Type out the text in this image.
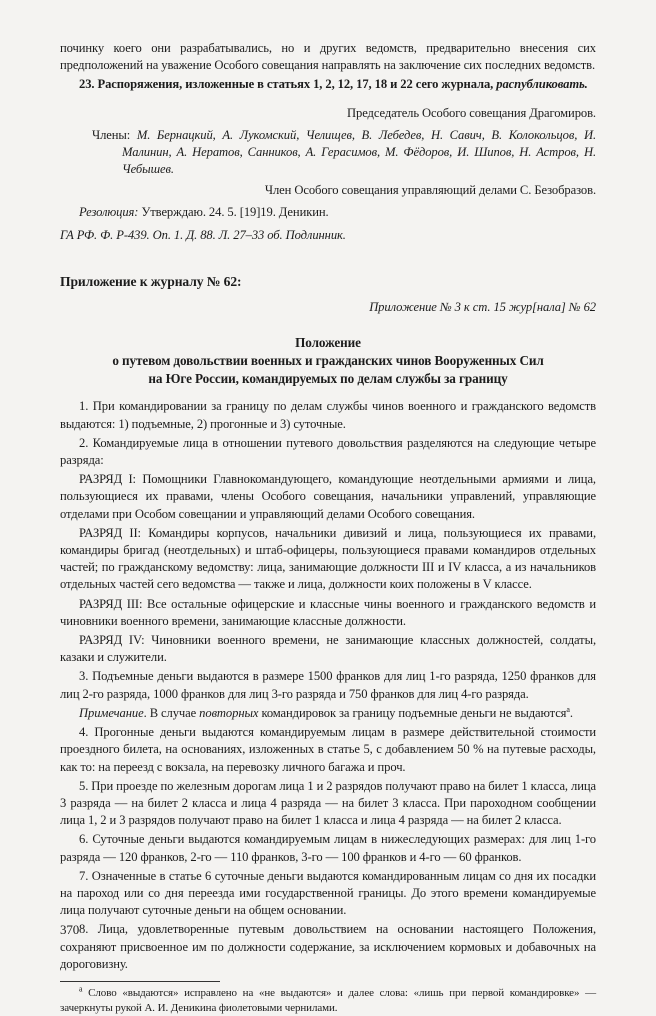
починку коего они разрабатывались, но и других ведомств, предварительно внесения сих предположений на уважение Особого совещания направлять на заключение сих последних ведомств.

23. Распоряжения, изложенные в статьях 1, 2, 12, 17, 18 и 22 сего журнала, распубликовать.

Председатель Особого совещания Драгомиров.

Члены: М. Бернацкий, А. Лукомский, Челищев, В. Лебедев, Н. Савич, В. Колокольцов, И. Малинин, А. Нератов, Санников, А. Герасимов, М. Фёдоров, И. Шипов, Н. Астров, Н. Чебышев.

Член Особого совещания управляющий делами С. Безобразов.

Резолюция: Утверждаю. 24. 5. [19]19. Деникин.

ГА РФ. Ф. Р-439. Оп. 1. Д. 88. Л. 27–33 об. Подлинник.

Приложение к журналу № 62:

Приложение № 3 к ст. 15 жур[нала] № 62

Положение
о путевом довольствии военных и гражданских чинов Вооруженных Сил
на Юге России, командируемых по делам службы за границу

1. При командировании за границу по делам службы чинов военного и гражданского ведомств выдаются: 1) подъемные, 2) прогонные и 3) суточные.

2. Командируемые лица в отношении путевого довольствия разделяются на следующие четыре разряда:

РАЗРЯД I: Помощники Главнокомандующего, командующие неотдельными армиями и лица, пользующиеся их правами, члены Особого совещания, начальники управлений, управляющие отделами при Особом совещании и управляющий делами Особого совещания.

РАЗРЯД II: Командиры корпусов, начальники дивизий и лица, пользующиеся их правами, командиры бригад (неотдельных) и штаб-офицеры, пользующиеся правами командиров отдельных частей; по гражданскому ведомству: лица, занимающие должности III и IV класса, а из начальников отдельных частей сего ведомства — также и лица, должности коих положены в V классе.

РАЗРЯД III: Все остальные офицерские и классные чины военного и гражданского ведомств и чиновники военного времени, занимающие классные должности.

РАЗРЯД IV: Чиновники военного времени, не занимающие классных должностей, солдаты, казаки и служители.

3. Подъемные деньги выдаются в размере 1500 франков для лиц 1-го разряда, 1250 франков для лиц 2-го разряда, 1000 франков для лиц 3-го разряда и 750 франков для лиц 4-го разряда.

Примечание. В случае повторных командировок за границу подъемные деньги не выдаются$^а$.

4. Прогонные деньги выдаются командируемым лицам в размере действительной стоимости проездного билета, на основаниях, изложенных в статье 5, с добавлением 50 % на путевые расходы, как то: на переезд с вокзала, на перевозку личного багажа и проч.

5. При проезде по железным дорогам лица 1 и 2 разрядов получают право на билет 1 класса, лица 3 разряда — на билет 2 класса и лица 4 разряда — на билет 3 класса. При пароходном сообщении лица 1, 2 и 3 разрядов получают право на билет 1 класса и лица 4 разряда — на билет 2 класса.

6. Суточные деньги выдаются командируемым лицам в нижеследующих размерах: для лиц 1-го разряда — 120 франков, 2-го — 110 франков, 3-го — 100 франков и 4-го — 60 франков.

7. Означенные в статье 6 суточные деньги выдаются командированным лицам со дня их посадки на пароход или со дня переезда ими государственной границы. До этого времени командируемые лица получают суточные деньги на общем основании.

8. Лица, удовлетворенные путевым довольствием на основании настоящего Положения, сохраняют присвоенное им по должности содержание, за исключением кормовых и добавочных на дороговизну.

$^а$ Слово «выдаются» исправлено на «не выдаются» и далее слова: «лишь при первой командировке» — зачеркнуты рукой А. И. Деникина фиолетовыми чернилами.

370
